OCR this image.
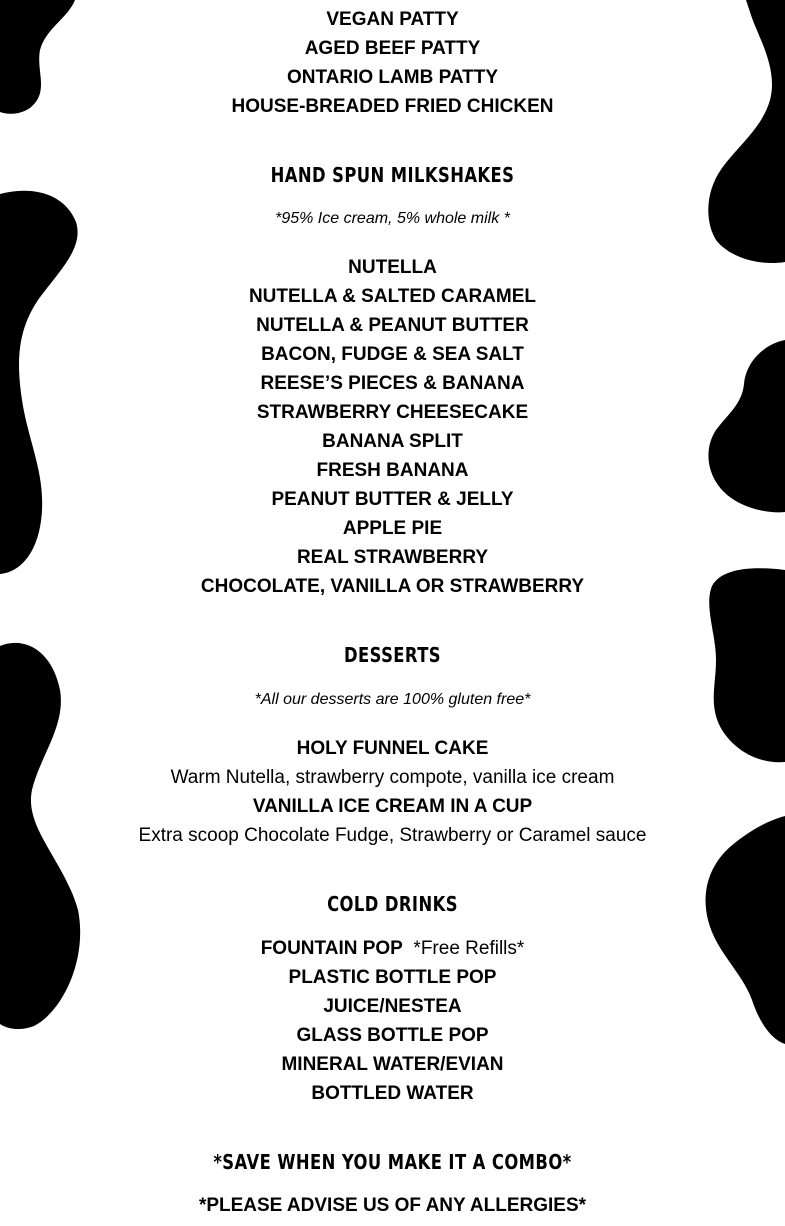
VEGAN PATTY
AGED BEEF PATTY
ONTARIO LAMB PATTY
HOUSE-BREADED FRIED CHICKEN
HAND SPUN MILKSHAKES
*95% Ice cream, 5% whole milk *
NUTELLA
NUTELLA & SALTED CARAMEL
NUTELLA & PEANUT BUTTER
BACON, FUDGE & SEA SALT
REESE’S PIECES & BANANA
STRAWBERRY CHEESECAKE
BANANA SPLIT
FRESH BANANA
PEANUT BUTTER & JELLY
APPLE PIE
REAL STRAWBERRY
CHOCOLATE, VANILLA OR STRAWBERRY
DESSERTS
*All our desserts are 100% gluten free*
HOLY FUNNEL CAKE
Warm Nutella, strawberry compote, vanilla ice cream
VANILLA ICE CREAM IN A CUP
Extra scoop Chocolate Fudge, Strawberry or Caramel sauce
COLD DRINKS
FOUNTAIN POP *Free Refills*
PLASTIC BOTTLE POP
JUICE/NESTEA
GLASS BOTTLE POP
MINERAL WATER/EVIAN
BOTTLED WATER
*SAVE WHEN YOU MAKE IT A COMBO*
*PLEASE ADVISE US OF ANY ALLERGIES*
